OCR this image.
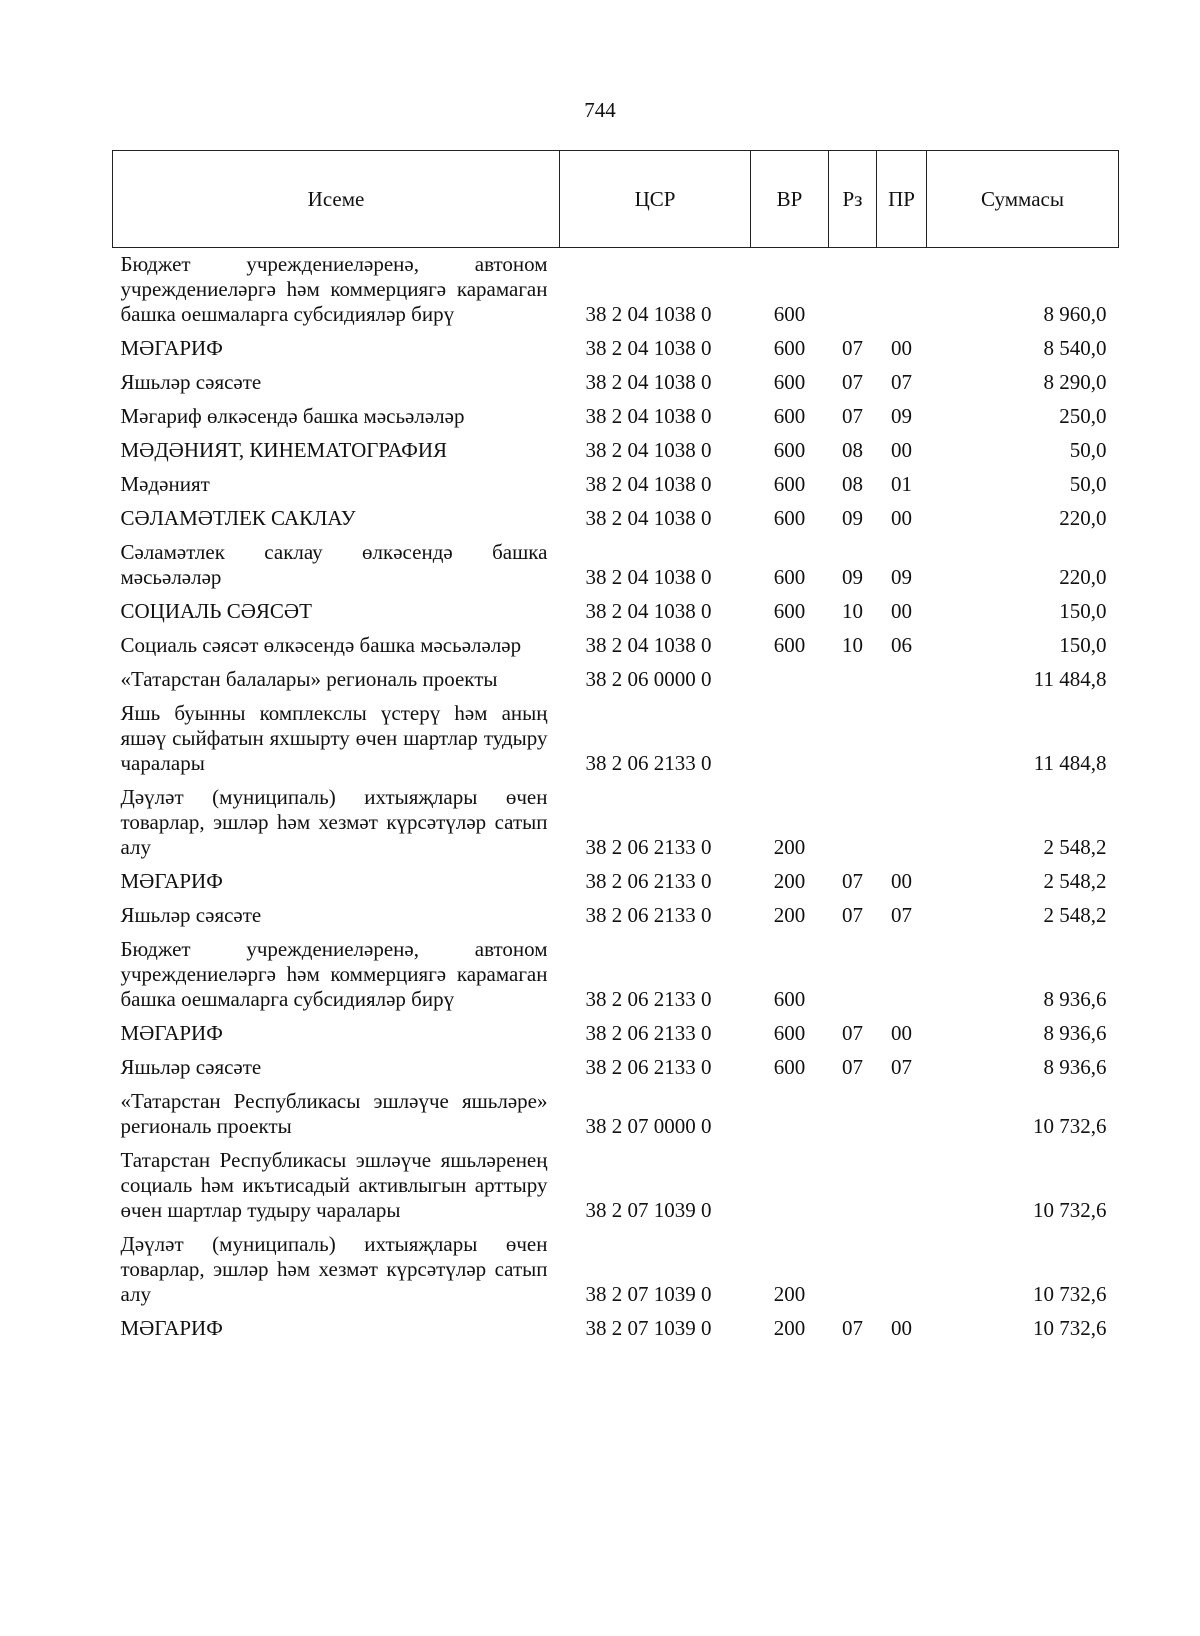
744
Исеме	ЦСР	ВР	Рз	ПР	Суммасы
Бюджет учреждениеләренә, автоном учреждениеләргә һәм коммерциягә карамаган башка оешмаларга субсидияләр бирү	38 2 04 1038 0	600			8 960,0
МӘГАРИФ	38 2 04 1038 0	600	07	00	8 540,0
Яшьләр сәясәте	38 2 04 1038 0	600	07	07	8 290,0
Мәгариф өлкәсендә башка мәсьәләләр	38 2 04 1038 0	600	07	09	250,0
МӘДӘНИЯТ, КИНЕМАТОГРАФИЯ	38 2 04 1038 0	600	08	00	50,0
Мәдәният	38 2 04 1038 0	600	08	01	50,0
СӘЛАМӘТЛЕК САКЛАУ	38 2 04 1038 0	600	09	00	220,0
Сәламәтлек саклау өлкәсендә башка мәсьәләләр	38 2 04 1038 0	600	09	09	220,0
СОЦИАЛЬ СӘЯСӘТ	38 2 04 1038 0	600	10	00	150,0
Социаль сәясәт өлкәсендә башка мәсьәләләр	38 2 04 1038 0	600	10	06	150,0
«Татарстан балалары» региональ проекты	38 2 06 0000 0				11 484,8
Яшь буынны комплекслы үстерү һәм аның яшәү сыйфатын яхшырту өчен шартлар тудыру чаралары	38 2 06 2133 0				11 484,8
Дәүләт (муниципаль) ихтыяҗлары өчен товарлар, эшләр һәм хезмәт күрсәтүләр сатып алу	38 2 06 2133 0	200			2 548,2
МӘГАРИФ	38 2 06 2133 0	200	07	00	2 548,2
Яшьләр сәясәте	38 2 06 2133 0	200	07	07	2 548,2
Бюджет учреждениеләренә, автоном учреждениеләргә һәм коммерциягә карамаган башка оешмаларга субсидияләр бирү	38 2 06 2133 0	600			8 936,6
МӘГАРИФ	38 2 06 2133 0	600	07	00	8 936,6
Яшьләр сәясәте	38 2 06 2133 0	600	07	07	8 936,6
«Татарстан Республикасы эшләүче яшьләре» региональ проекты	38 2 07 0000 0				10 732,6
Татарстан Республикасы эшләүче яшьләренең социаль һәм икътисадый активлыгын арттыру өчен шартлар тудыру чаралары	38 2 07 1039 0				10 732,6
Дәүләт (муниципаль) ихтыяҗлары өчен товарлар, эшләр һәм хезмәт күрсәтүләр сатып алу	38 2 07 1039 0	200			10 732,6
МӘГАРИФ	38 2 07 1039 0	200	07	00	10 732,6
